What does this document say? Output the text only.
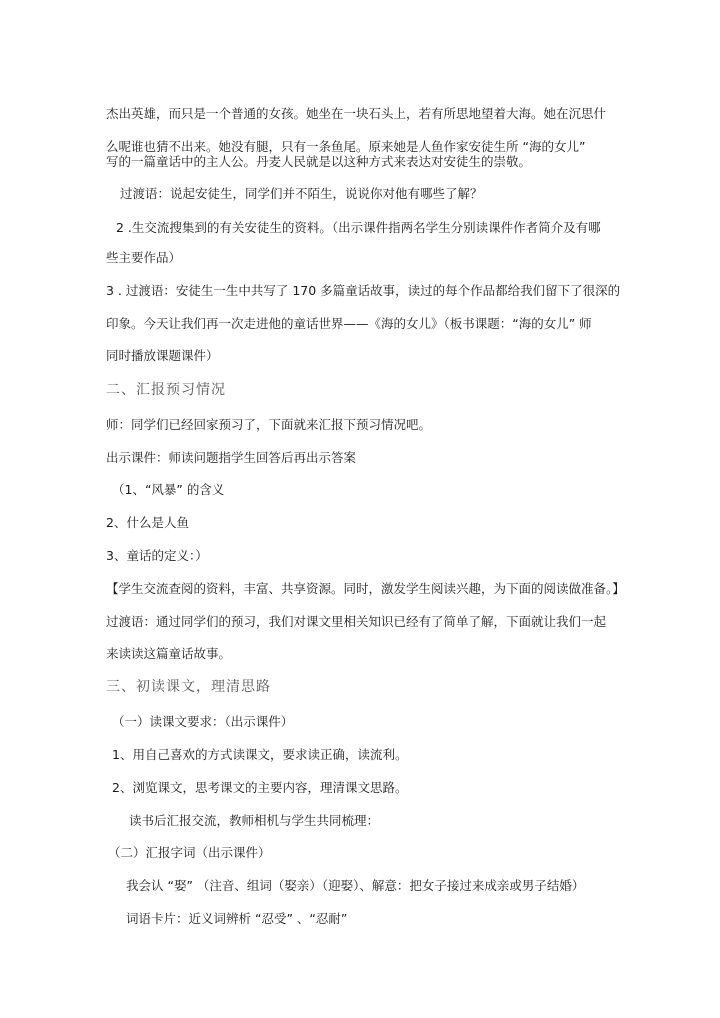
杰出英雄，而只是一个普通的女孩。她坐在一块石头上，若有所思地望着大海。她在沉思什

么呢谁也猜不出来。她没有腿，只有一条鱼尾。原来她是人鱼作家安徒生所 “海的女儿”

写的一篇童话中的主人公。丹麦人民就是以这种方式来表达对安徒生的崇敬。

过渡语：说起安徒生，同学们并不陌生，说说你对他有哪些了解？

2 .生交流搜集到的有关安徒生的资料。（出示课件指两名学生分别读课件作者简介及有哪

些主要作品）

3 . 过渡语：安徒生一生中共写了 170 多篇童话故事，读过的每个作品都给我们留下了很深的

印象。今天让我们再一次走进他的童话世界——《海的女儿》（板书课题：“海的女儿” 师

同时播放课题课件）

二、汇报预习情况

师：同学们已经回家预习了，下面就来汇报下预习情况吧。

出示课件：师读问题指学生回答后再出示答案

（1、“风暴” 的含义

2、什么是人鱼

3、童话的定义：）

【学生交流查阅的资料，丰富、共享资源。同时，激发学生阅读兴趣，为下面的阅读做准备。】

过渡语：通过同学们的预习，我们对课文里相关知识已经有了简单了解，下面就让我们一起

来读读这篇童话故事。

三、初读课文，理清思路

（一）读课文要求：（出示课件）

1、用自己喜欢的方式读课文，要求读正确，读流利。

2、浏览课文，思考课文的主要内容，理清课文思路。

读书后汇报交流，教师相机与学生共同梳理：

（二）汇报字词（出示课件）

我会认 “娶” （注音、组词（娶亲）（迎娶）、解意：把女子接过来成亲或男子结婚）

词语卡片：近义词辨析 “忍受” 、“忍耐”
